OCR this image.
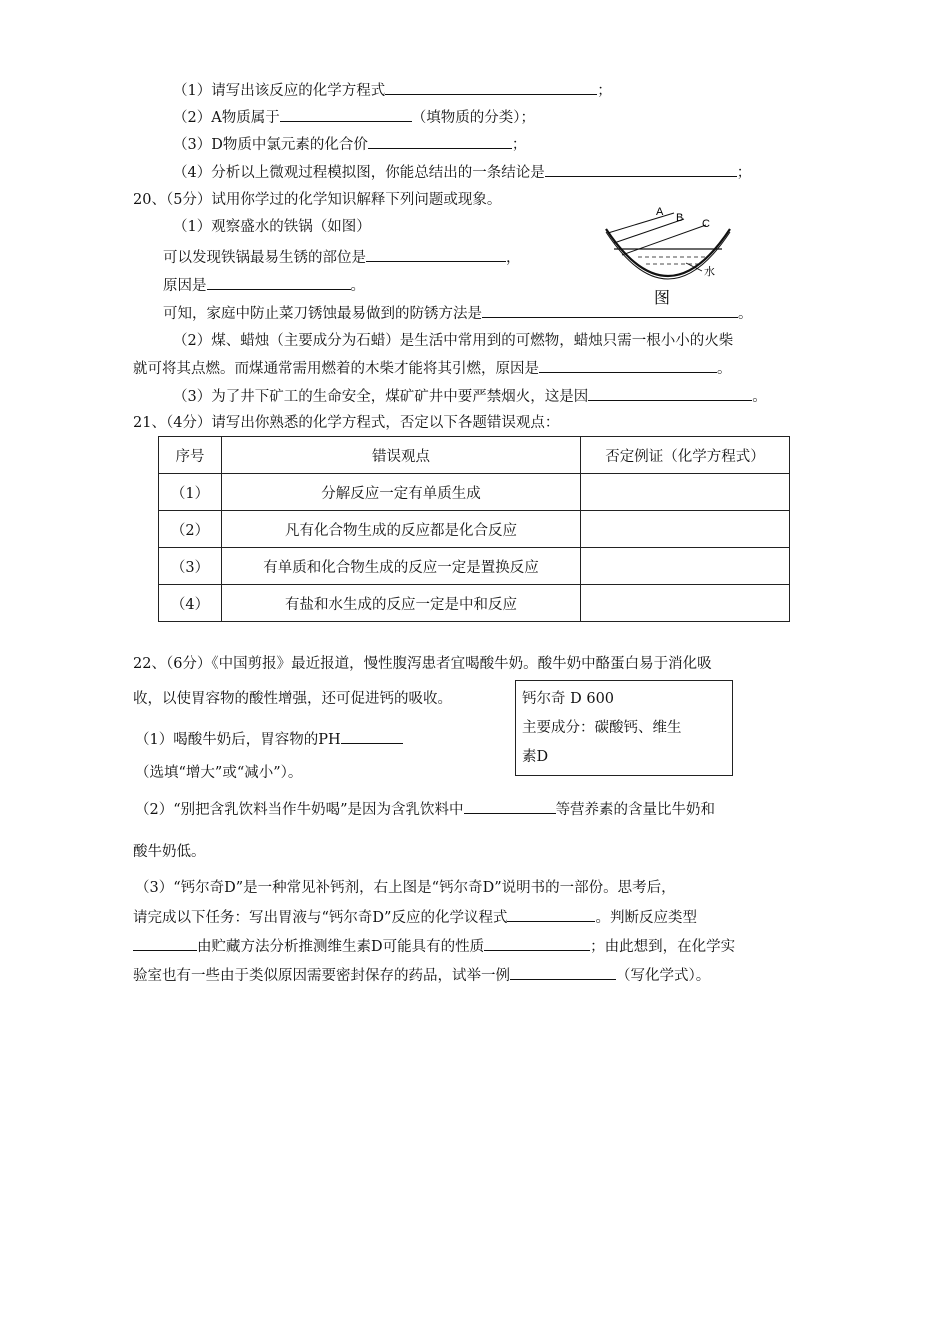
（1）请写出该反应的化学方程式	；
（2）A物质属于	（填物质的分类）；
（3）D物质中氯元素的化合价	；
（4）分析以上微观过程模拟图，你能总结出的一条结论是	；
20、（5分）试用你学过的化学知识解释下列问题或现象。
（1）观察盛水的铁锅（如图）
可以发现铁锅最易生锈的部位是	，
原因是	。
可知，家庭中防止菜刀锈蚀最易做到的防锈方法是	。
（2）煤、蜡烛（主要成分为石蜡）是生活中常用到的可燃物，蜡烛只需一根小小的火柴
就可将其点燃。而煤通常需用燃着的木柴才能将其引燃，原因是	。
（3）为了井下矿工的生命安全，煤矿矿井中要严禁烟火，这是因	。
A B C
水
图
21、（4分）请写出你熟悉的化学方程式，否定以下各题错误观点：
序号	错误观点	否定例证（化学方程式）
（1）	分解反应一定有单质生成	
（2）	凡有化合物生成的反应都是化合反应	
（3）	有单质和化合物生成的反应一定是置换反应	
（4）	有盐和水生成的反应一定是中和反应	
22、（6分）《中国剪报》最近报道，慢性腹泻患者宜喝酸牛奶。酸牛奶中酪蛋白易于消化吸
收，以使胃容物的酸性增强，还可促进钙的吸收。	钙尔奇 D 600
主要成分：碳酸钙、维生
素D
（1）喝酸牛奶后，胃容物的PH
（选填“增大”或“减小”）。
（2）“别把含乳饮料当作牛奶喝”是因为含乳饮料中	等营养素的含量比牛奶和
酸牛奶低。
（3）“钙尔奇D”是一种常见补钙剂，右上图是“钙尔奇D”说明书的一部份。思考后，
请完成以下任务：写出胃液与“钙尔奇D”反应的化学议程式	。判断反应类型
由贮藏方法分析推测维生素D可能具有的性质	；由此想到，在化学实
验室也有一些由于类似原因需要密封保存的药品，试举一例	（写化学式）。
